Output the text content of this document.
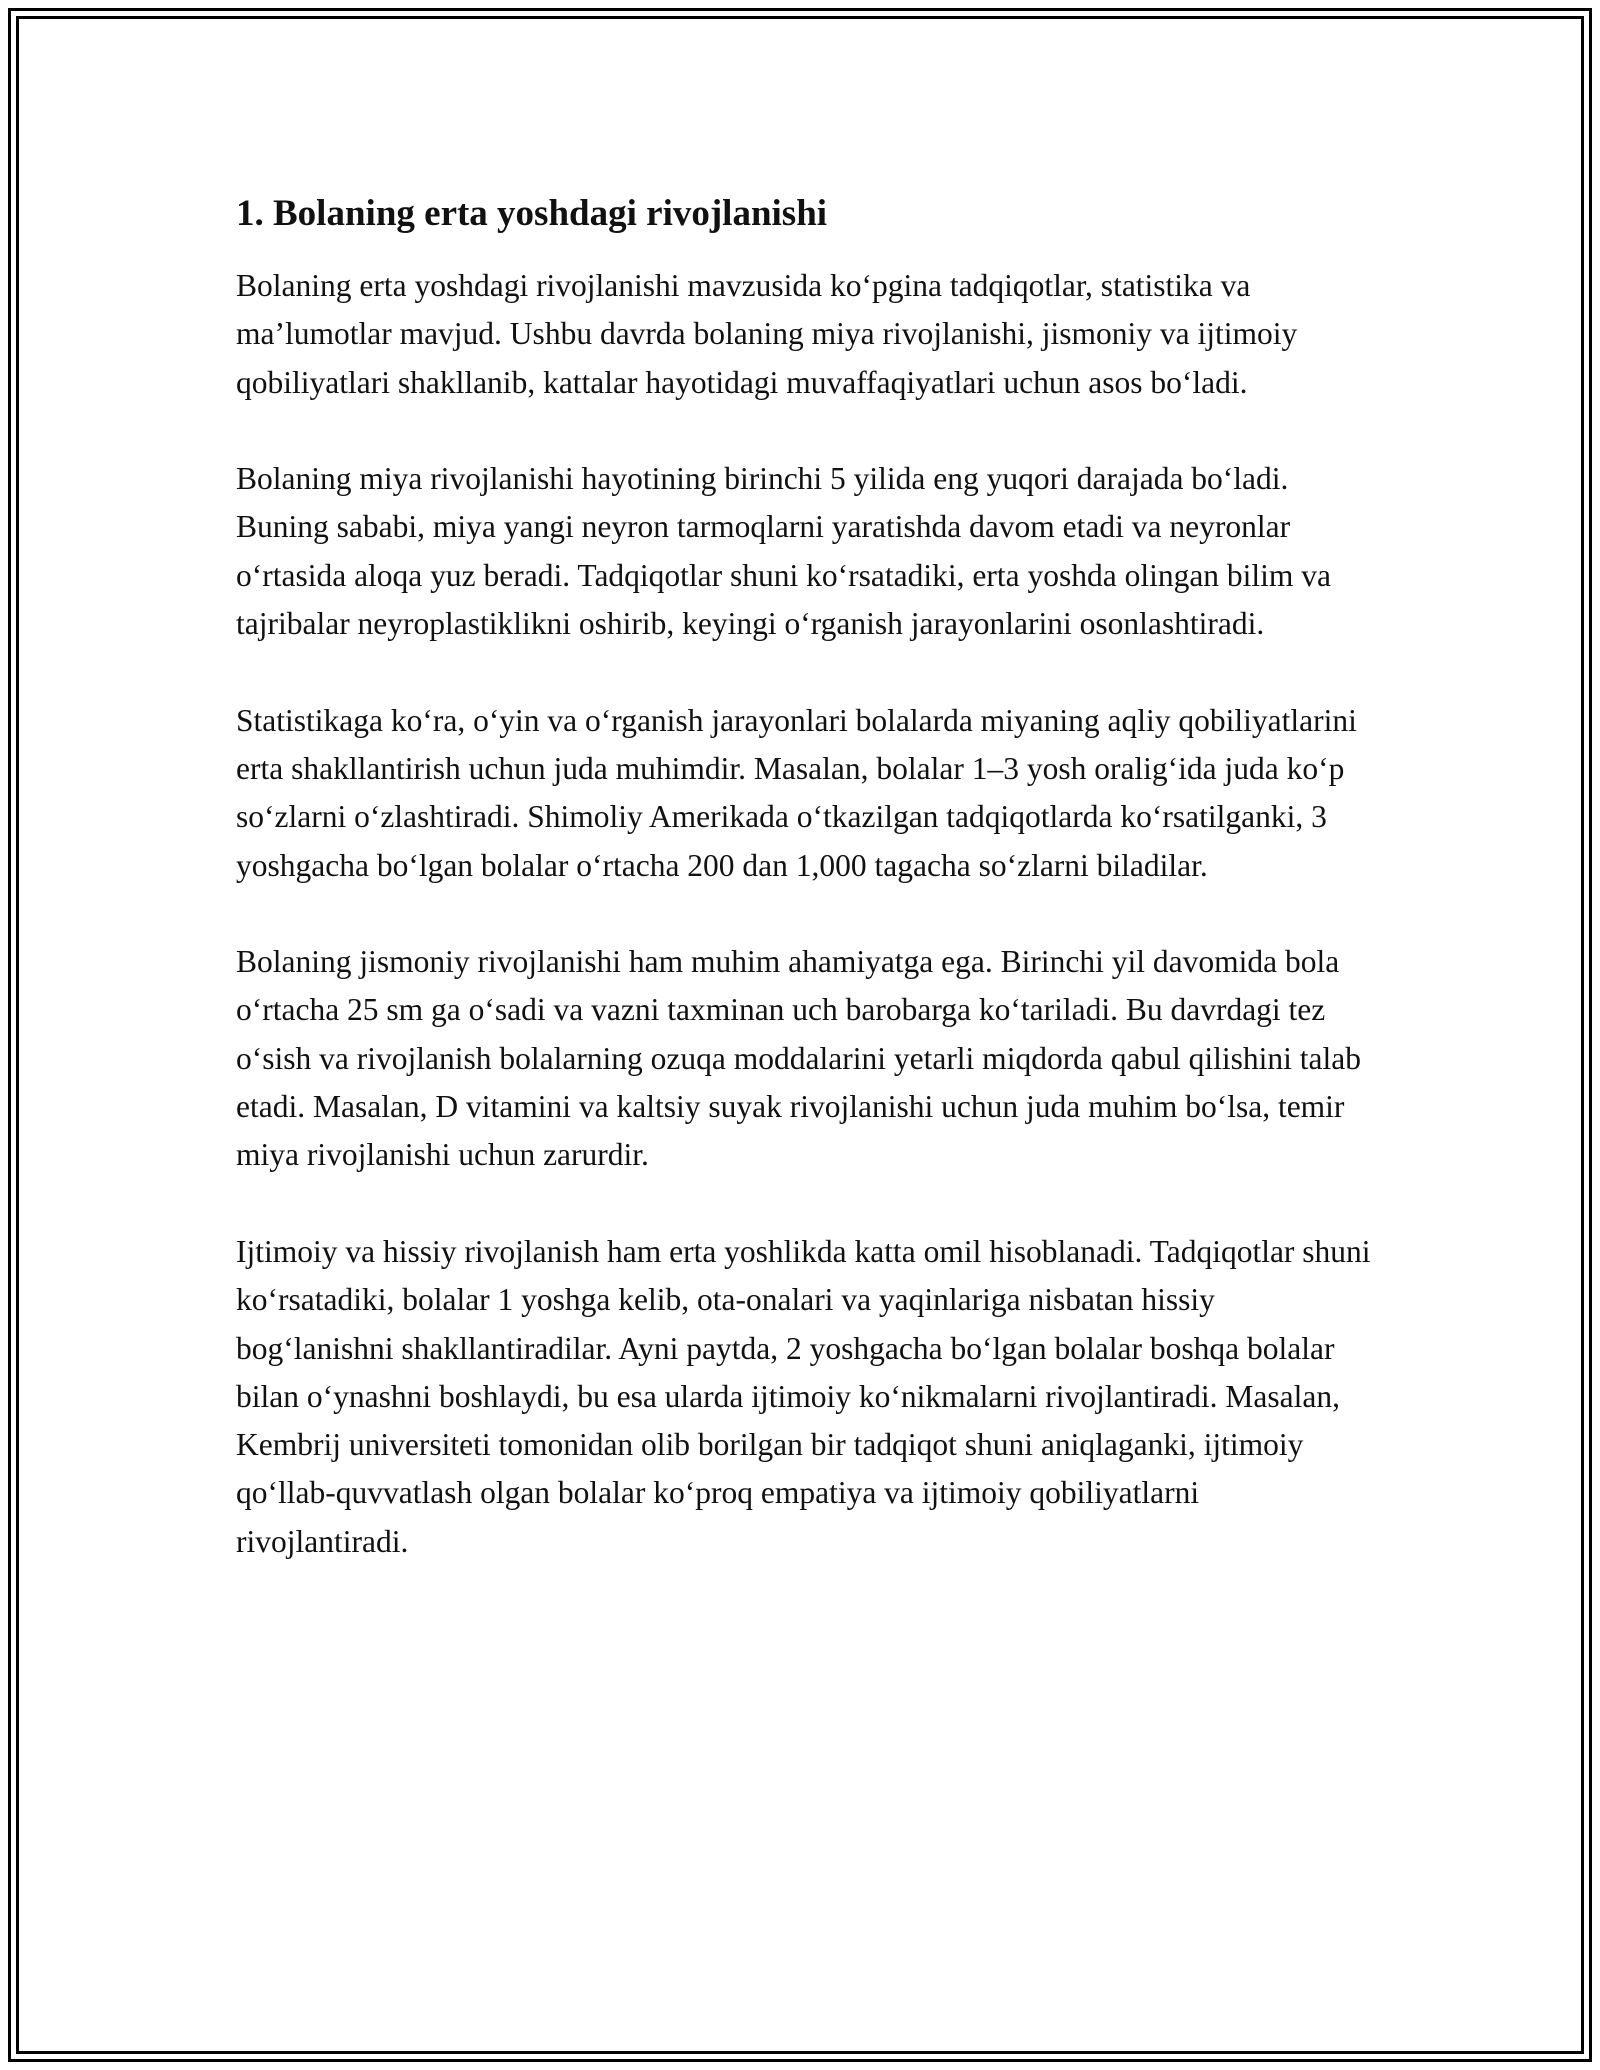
1. Bolaning erta yoshdagi rivojlanishi

Bolaning erta yoshdagi rivojlanishi mavzusida ko‘pgina tadqiqotlar, statistika va ma’lumotlar mavjud. Ushbu davrda bolaning miya rivojlanishi, jismoniy va ijtimoiy qobiliyatlari shakllanib, kattalar hayotidagi muvaffaqiyatlari uchun asos bo‘ladi.

Bolaning miya rivojlanishi hayotining birinchi 5 yilida eng yuqori darajada bo‘ladi. Buning sababi, miya yangi neyron tarmoqlarni yaratishda davom etadi va neyronlar o‘rtasida aloqa yuz beradi. Tadqiqotlar shuni ko‘rsatadiki, erta yoshda olingan bilim va tajribalar neyroplastiklikni oshirib, keyingi o‘rganish jarayonlarini osonlashtiradi.

Statistikaga ko‘ra, o‘yin va o‘rganish jarayonlari bolalarda miyaning aqliy qobiliyatlarini erta shakllantirish uchun juda muhimdir. Masalan, bolalar 1–3 yosh oralig‘ida juda ko‘p so‘zlarni o‘zlashtiradi. Shimoliy Amerikada o‘tkazilgan tadqiqotlarda ko‘rsatilganki, 3 yoshgacha bo‘lgan bolalar o‘rtacha 200 dan 1,000 tagacha so‘zlarni biladilar.

Bolaning jismoniy rivojlanishi ham muhim ahamiyatga ega. Birinchi yil davomida bola o‘rtacha 25 sm ga o‘sadi va vazni taxminan uch barobarga ko‘tariladi. Bu davrdagi tez o‘sish va rivojlanish bolalarning ozuqa moddalarini yetarli miqdorda qabul qilishini talab etadi. Masalan, D vitamini va kaltsiy suyak rivojlanishi uchun juda muhim bo‘lsa, temir miya rivojlanishi uchun zarurdir.

Ijtimoiy va hissiy rivojlanish ham erta yoshlikda katta omil hisoblanadi. Tadqiqotlar shuni ko‘rsatadiki, bolalar 1 yoshga kelib, ota-onalari va yaqinlariga nisbatan hissiy bog‘lanishni shakllantiradilar. Ayni paytda, 2 yoshgacha bo‘lgan bolalar boshqa bolalar bilan o‘ynashni boshlaydi, bu esa ularda ijtimoiy ko‘nikmalarni rivojlantiradi. Masalan, Kembrij universiteti tomonidan olib borilgan bir tadqiqot shuni aniqlaganki, ijtimoiy qo‘llab-quvvatlash olgan bolalar ko‘proq empatiya va ijtimoiy qobiliyatlarni rivojlantiradi.
